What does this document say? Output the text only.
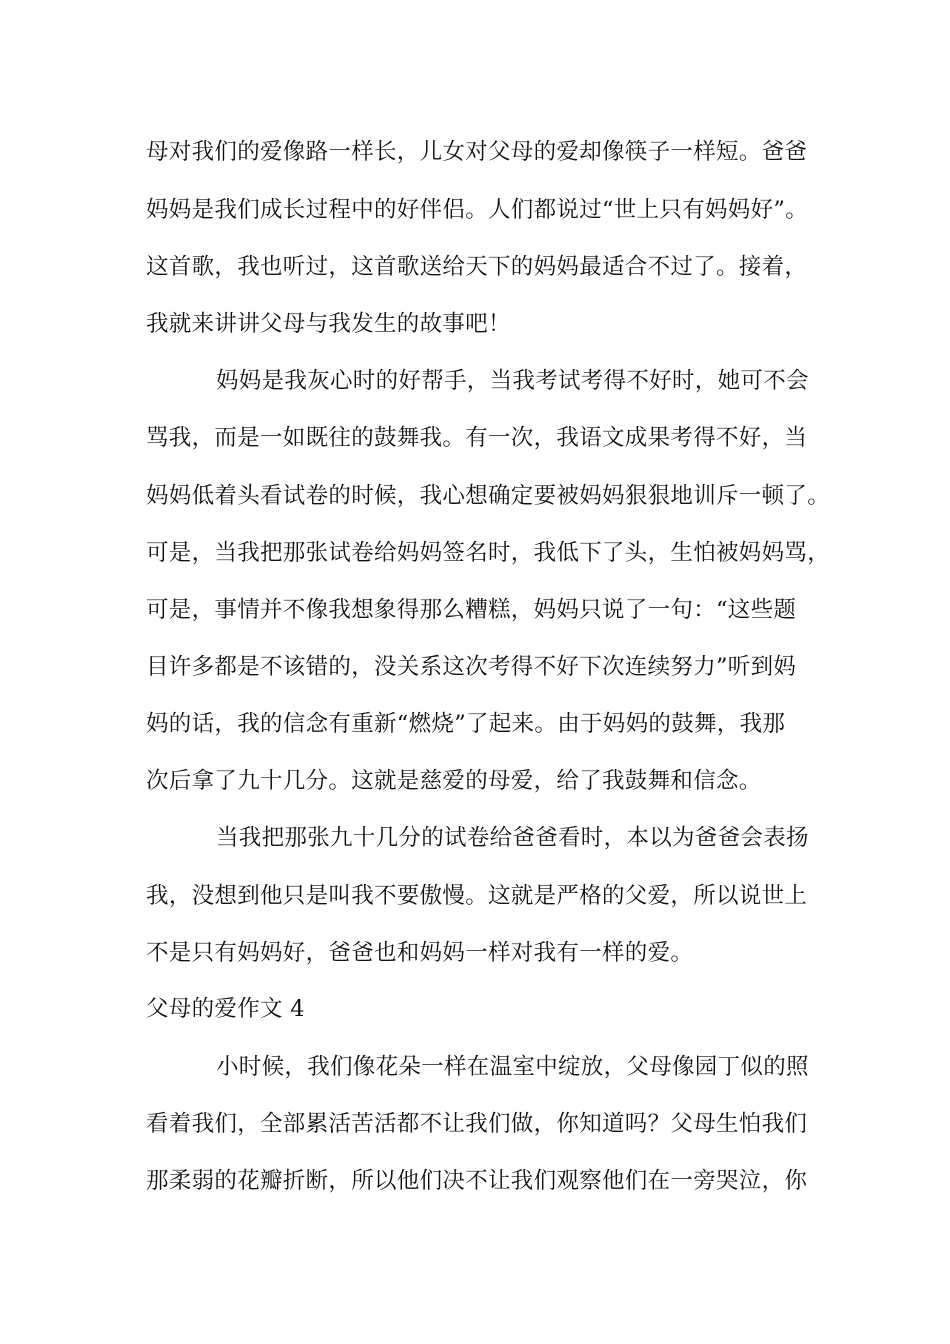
母对我们的爱像路一样长，儿女对父母的爱却像筷子一样短。爸爸
妈妈是我们成长过程中的好伴侣。人们都说过“世上只有妈妈好”。
这首歌，我也听过，这首歌送给天下的妈妈最适合不过了。接着，
我就来讲讲父母与我发生的故事吧！
妈妈是我灰心时的好帮手，当我考试考得不好时，她可不会
骂我，而是一如既往的鼓舞我。有一次，我语文成果考得不好，当
妈妈低着头看试卷的时候，我心想确定要被妈妈狠狠地训斥一顿了。
可是，当我把那张试卷给妈妈签名时，我低下了头，生怕被妈妈骂，
可是，事情并不像我想象得那么糟糕，妈妈只说了一句：“这些题
目许多都是不该错的，没关系这次考得不好下次连续努力”听到妈
妈的话，我的信念有重新“燃烧”了起来。由于妈妈的鼓舞，我那
次后拿了九十几分。这就是慈爱的母爱，给了我鼓舞和信念。
当我把那张九十几分的试卷给爸爸看时，本以为爸爸会表扬
我，没想到他只是叫我不要傲慢。这就是严格的父爱，所以说世上
不是只有妈妈好，爸爸也和妈妈一样对我有一样的爱。
父母的爱作文 4
小时候，我们像花朵一样在温室中绽放，父母像园丁似的照
看着我们，全部累活苦活都不让我们做，你知道吗？父母生怕我们
那柔弱的花瓣折断，所以他们决不让我们观察他们在一旁哭泣，你
